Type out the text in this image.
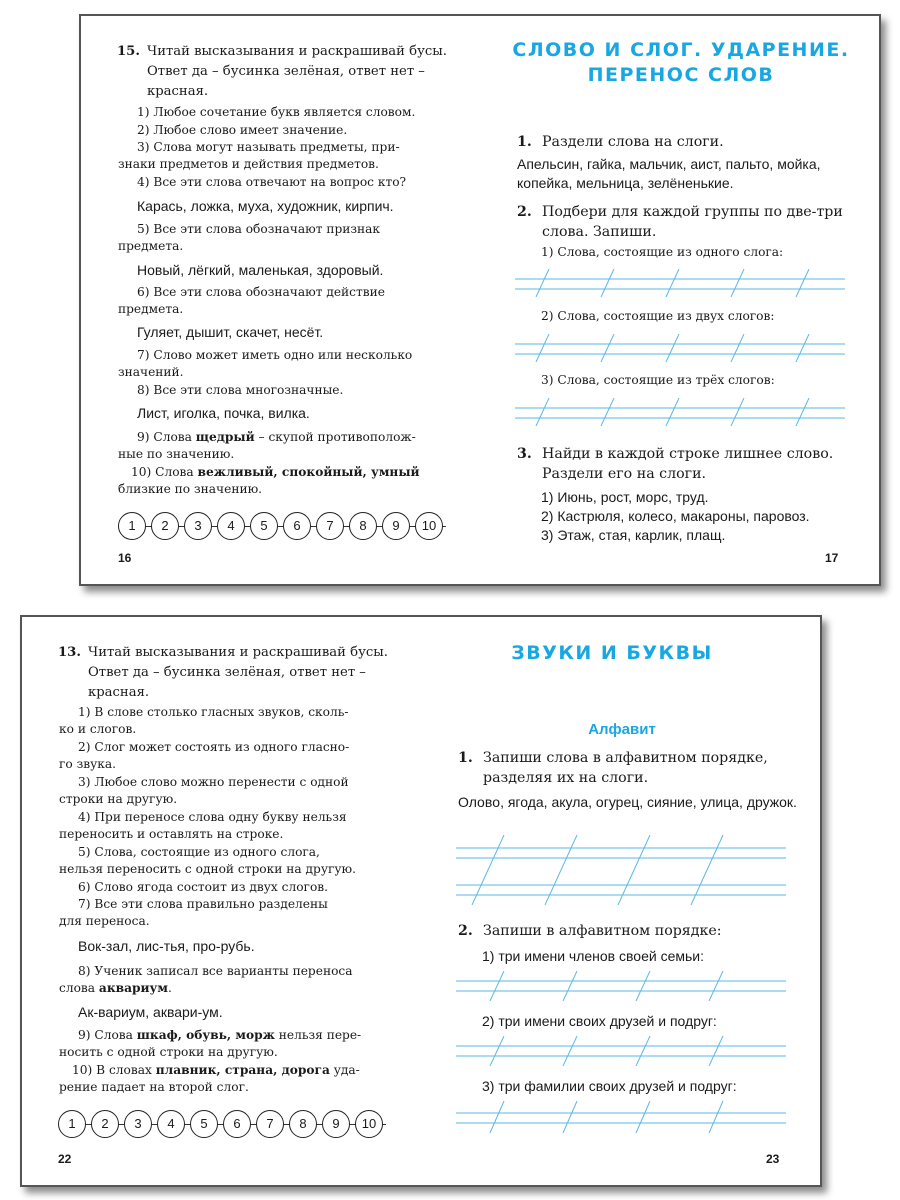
15. Читай высказывания и раскрашивай бусы. Ответ да – бусинка зелёная, ответ нет – красная.
1) Любое сочетание букв является словом.
2) Любое слово имеет значение.
3) Слова могут называть предметы, при-
знаки предметов и действия предметов.
4) Все эти слова отвечают на вопрос кто?
Карась, ложка, муха, художник, кирпич.
5) Все эти слова обозначают признак
предмета.
Новый, лёгкий, маленькая, здоровый.
6) Все эти слова обозначают действие
предмета.
Гуляет, дышит, скачет, несёт.
7) Слово может иметь одно или несколько
значений.
8) Все эти слова многозначные.
Лист, иголка, почка, вилка.
9) Слова щедрый – скупой противополож-
ные по значению.
10) Слова вежливый, спокойный, умный
близкие по значению.
1	2	3	4	5	6	7	8	9	10
16
СЛОВО И СЛОГ. УДАРЕНИЕ.
ПЕРЕНОС СЛОВ
1. Раздели слова на слоги.
Апельсин, гайка, мальчик, аист, пальто, мойка, копейка, мельница, зелёненькие.
2. Подбери для каждой группы по две-три слова. Запиши.
1) Слова, состоящие из одного слога:
2) Слова, состоящие из двух слогов:
3) Слова, состоящие из трёх слогов:
3. Найди в каждой строке лишнее слово. Раздели его на слоги.
1) Июнь, рост, морс, труд.
2) Кастрюля, колесо, макароны, паровоз.
3) Этаж, стая, карлик, плащ.
17
13. Читай высказывания и раскрашивай бусы. Ответ да – бусинка зелёная, ответ нет – красная.
1) В слове столько гласных звуков, сколь-
ко и слогов.
2) Слог может состоять из одного гласно-
го звука.
3) Любое слово можно перенести с одной
строки на другую.
4) При переносе слова одну букву нельзя
переносить и оставлять на строке.
5) Слова, состоящие из одного слога,
нельзя переносить с одной строки на другую.
6) Слово ягода состоит из двух слогов.
7) Все эти слова правильно разделены
для переноса.
Вок-зал, лис-тья, про-рубь.
8) Ученик записал все варианты переноса
слова аквариум.
Ак-вариум, аквари-ум.
9) Слова шкаф, обувь, морж нельзя пере-
носить с одной строки на другую.
10) В словах плавник, страна, дорога уда-
рение падает на второй слог.
1	2	3	4	5	6	7	8	9	10
22
ЗВУКИ И БУКВЫ
Алфавит
1. Запиши слова в алфавитном порядке, разделяя их на слоги.
Оловo, ягода, акула, огурец, сияние, улица, дружок.
2. Запиши в алфавитном порядке:
1) три имени членов своей семьи:
2) три имени своих друзей и подруг:
3) три фамилии своих друзей и подруг:
23
